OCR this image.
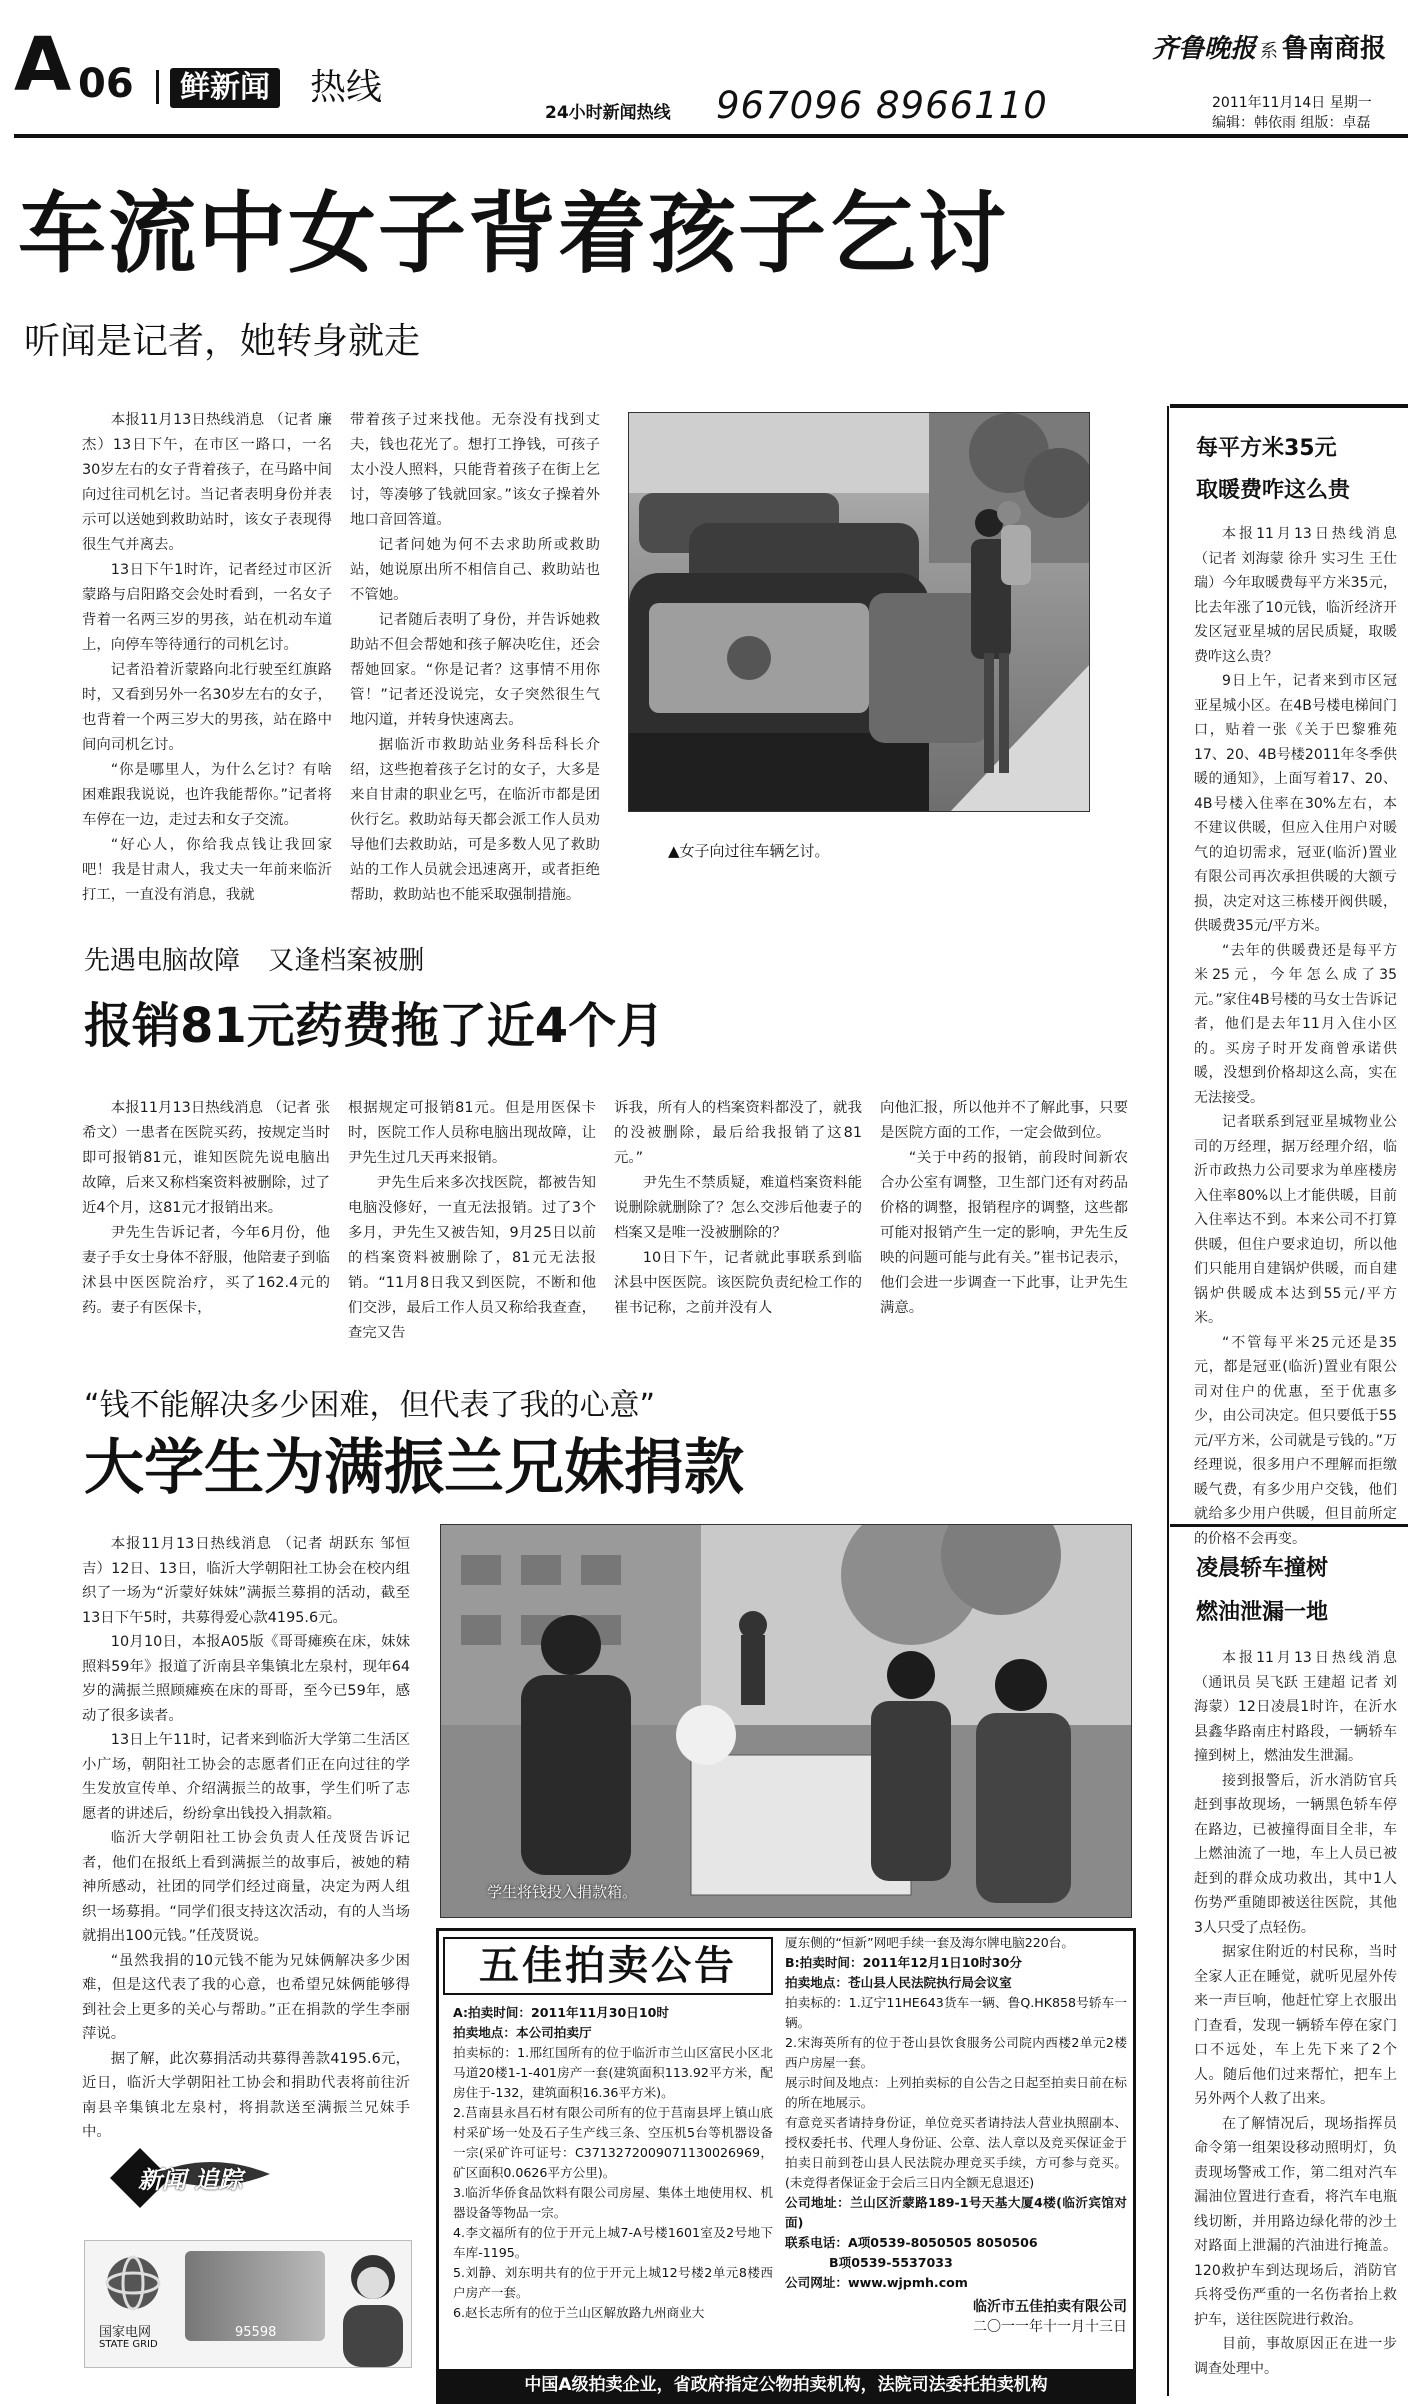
A 06	鲜新闻 热线
24小时新闻热线 967096 8966110
齐鲁晚报 系 鲁南商报
2011年11月14日 星期一
编辑：韩依雨 组版：卓磊
车流中女子背着孩子乞讨
听闻是记者，她转身就走

本报11月13日热线消息 （记者 廉杰）13日下午，在市区一路口，一名30岁左右的女子背着孩子，在马路中间向过往司机乞讨。当记者表明身份并表示可以送她到救助站时，该女子表现得很生气并离去。

13日下午1时许，记者经过市区沂蒙路与启阳路交会处时看到，一名女子背着一名两三岁的男孩，站在机动车道上，向停车等待通行的司机乞讨。

记者沿着沂蒙路向北行驶至红旗路时，又看到另外一名30岁左右的女子，也背着一个两三岁大的男孩，站在路中间向司机乞讨。

“你是哪里人，为什么乞讨？有啥困难跟我说说，也许我能帮你。”记者将车停在一边，走过去和女子交流。

“好心人，你给我点钱让我回家吧！我是甘肃人，我丈夫一年前来临沂打工，一直没有消息，我就

带着孩子过来找他。无奈没有找到丈夫，钱也花光了。想打工挣钱，可孩子太小没人照料，只能背着孩子在街上乞讨，等凑够了钱就回家。”该女子操着外地口音回答道。

记者问她为何不去求助所或救助站，她说原出所不相信自己、救助站也不管她。

记者随后表明了身份，并告诉她救助站不但会帮她和孩子解决吃住，还会帮她回家。“你是记者？这事情不用你管！”记者还没说完，女子突然很生气地闪道，并转身快速离去。

据临沂市救助站业务科岳科长介绍，这些抱着孩子乞讨的女子，大多是来自甘肃的职业乞丐，在临沂市都是团伙行乞。救助站每天都会派工作人员劝导他们去救助站，可是多数人见了救助站的工作人员就会迅速离开，或者拒绝帮助，救助站也不能采取强制措施。

▲女子向过往车辆乞讨。
先遇电脑故障 又逢档案被删
报销81元药费拖了近4个月

本报11月13日热线消息 （记者 张希文）一患者在医院买药，按规定当时即可报销81元，谁知医院先说电脑出故障，后来又称档案资料被删除，过了近4个月，这81元才报销出来。

尹先生告诉记者，今年6月份，他妻子手女士身体不舒服，他陪妻子到临沭县中医医院治疗，买了162.4元的药。妻子有医保卡，

根据规定可报销81元。但是用医保卡时，医院工作人员称电脑出现故障，让尹先生过几天再来报销。

尹先生后来多次找医院，都被告知电脑没修好，一直无法报销。过了3个多月，尹先生又被告知，9月25日以前的档案资料被删除了，81元无法报销。“11月8日我又到医院，不断和他们交涉，最后工作人员又称给我查查，查完又告

诉我，所有人的档案资料都没了，就我的没被删除，最后给我报销了这81元。”

尹先生不禁质疑，难道档案资料能说删除就删除了？怎么交涉后他妻子的档案又是唯一没被删除的？

10日下午，记者就此事联系到临沭县中医医院。该医院负责纪检工作的崔书记称，之前并没有人

向他汇报，所以他并不了解此事，只要是医院方面的工作，一定会做到位。

“关于中药的报销，前段时间新农合办公室有调整，卫生部门还有对药品价格的调整，报销程序的调整，这些都可能对报销产生一定的影响，尹先生反映的问题可能与此有关。”崔书记表示，他们会进一步调查一下此事，让尹先生满意。

“钱不能解决多少困难，但代表了我的心意”
大学生为满振兰兄妹捐款

本报11月13日热线消息 （记者 胡跃东 邹恒吉）12日、13日，临沂大学朝阳社工协会在校内组织了一场为“沂蒙好妹妹”满振兰募捐的活动，截至13日下午5时，共募得爱心款4195.6元。

10月10日，本报A05版《哥哥瘫痪在床，妹妹照料59年》报道了沂南县辛集镇北左泉村，现年64岁的满振兰照顾瘫痪在床的哥哥，至今已59年，感动了很多读者。

13日上午11时，记者来到临沂大学第二生活区小广场，朝阳社工协会的志愿者们正在向过往的学生发放宣传单、介绍满振兰的故事，学生们听了志愿者的讲述后，纷纷拿出钱投入捐款箱。

临沂大学朝阳社工协会负责人任茂贤告诉记者，他们在报纸上看到满振兰的故事后，被她的精神所感动，社团的同学们经过商量，决定为两人组织一场募捐。“同学们很支持这次活动，有的人当场就捐出100元钱。”任茂贤说。

“虽然我捐的10元钱不能为兄妹俩解决多少困难，但是这代表了我的心意，也希望兄妹俩能够得到社会上更多的关心与帮助。”正在捐款的学生李丽萍说。

据了解，此次募捐活动共募得善款4195.6元，近日，临沂大学朝阳社工协会和捐助代表将前往沂南县辛集镇北左泉村，将捐款送至满振兰兄妹手中。

学生将钱投入捐款箱。
五佳拍卖公告
A:拍卖时间：2011年11月30日10时
拍卖地点：本公司拍卖厅
拍卖标的：1.邢红国所有的位于临沂市兰山区富民小区北马道20楼1-1-401房产一套(建筑面积113.92平方米，配房住于-132，建筑面积16.36平方米)。
2.莒南县永昌石材有限公司所有的位于莒南县坪上镇山底村采矿场一处及石子生产线三条、空压机5台等机器设备一宗(采矿许可证号：C3713272009071130026969，矿区面积0.0626平方公里)。
3.临沂华侨食品饮料有限公司房屋、集体土地使用权、机器设备等物品一宗。
4.李文福所有的位于开元上城7-A号楼1601室及2号地下车库-1195。
5.刘静、刘东明共有的位于开元上城12号楼2单元8楼西户房产一套。
6.赵长志所有的位于兰山区解放路九州商业大
厦东侧的“恒新”网吧手续一套及海尔牌电脑220台。
B:拍卖时间：2011年12月1日10时30分
拍卖地点：苍山县人民法院执行局会议室
拍卖标的：1.辽宁11HE643货车一辆、鲁Q.HK858号轿车一辆。
2.宋海英所有的位于苍山县饮食服务公司院内西楼2单元2楼西户房屋一套。
展示时间及地点：上列拍卖标的自公告之日起至拍卖日前在标的所在地展示。
有意竞买者请持身份证，单位竞买者请持法人营业执照副本、授权委托书、代理人身份证、公章、法人章以及竞买保证金于拍卖日前到苍山县人民法院办理竞买手续，方可参与竞买。(未竞得者保证金于会后三日内全额无息退还)
公司地址：兰山区沂蒙路189-1号天基大厦4楼(临沂宾馆对面)
联系电话：A项0539-8050505 8050506
B项0539-5537033
公司网址：www.wjpmh.com
临沂市五佳拍卖有限公司
二〇一一年十一月十三日
中国A级拍卖企业，省政府指定公物拍卖机构，法院司法委托拍卖机构
新闻 追踪
国家电网
STATE GRID
95598
每平方米35元
取暖费咋这么贵

本报11月13日热线消息 （记者 刘海蒙 徐升 实习生 王仕瑞）今年取暖费每平方米35元，比去年涨了10元钱，临沂经济开发区冠亚星城的居民质疑，取暖费咋这么贵？

9日上午，记者来到市区冠亚星城小区。在4B号楼电梯间门口，贴着一张《关于巴黎雅苑17、20、4B号楼2011年冬季供暖的通知》，上面写着17、20、4B号楼入住率在30%左右，本不建议供暖，但应入住用户对暖气的迫切需求，冠亚(临沂)置业有限公司再次承担供暖的大额亏损，决定对这三栋楼开阀供暖，供暖费35元/平方米。

“去年的供暖费还是每平方米25元，今年怎么成了35元。”家住4B号楼的马女士告诉记者，他们是去年11月入住小区的。买房子时开发商曾承诺供暖，没想到价格却这么高，实在无法接受。

记者联系到冠亚星城物业公司的万经理，据万经理介绍，临沂市政热力公司要求为单座楼房入住率80%以上才能供暖，目前入住率达不到。本来公司不打算供暖，但住户要求迫切，所以他们只能用自建锅炉供暖，而自建锅炉供暖成本达到55元/平方米。

“不管每平米25元还是35元，都是冠亚(临沂)置业有限公司对住户的优惠，至于优惠多少，由公司决定。但只要低于55元/平方米，公司就是亏钱的。”万经理说，很多用户不理解而拒缴暖气费，有多少用户交钱，他们就给多少用户供暖，但目前所定的价格不会再变。

凌晨轿车撞树
燃油泄漏一地

本报11月13日热线消息 （通讯员 吴飞跃 王建超 记者 刘海蒙）12日凌晨1时许，在沂水县鑫华路南庄村路段，一辆轿车撞到树上，燃油发生泄漏。

接到报警后，沂水消防官兵赶到事故现场，一辆黑色轿车停在路边，已被撞得面目全非，车上燃油流了一地，车上人员已被赶到的群众成功救出，其中1人伤势严重随即被送往医院，其他3人只受了点轻伤。

据家住附近的村民称，当时全家人正在睡觉，就听见屋外传来一声巨响，他赶忙穿上衣服出门查看，发现一辆轿车停在家门口不远处，车上先下来了2个人。随后他们过来帮忙，把车上另外两个人救了出来。

在了解情况后，现场指挥员命令第一组架设移动照明灯，负责现场警戒工作，第二组对汽车漏油位置进行查看，将汽车电瓶线切断，并用路边绿化带的沙土对路面上泄漏的汽油进行掩盖。120救护车到达现场后，消防官兵将受伤严重的一名伤者抬上救护车，送往医院进行救治。

目前，事故原因正在进一步调查处理中。
